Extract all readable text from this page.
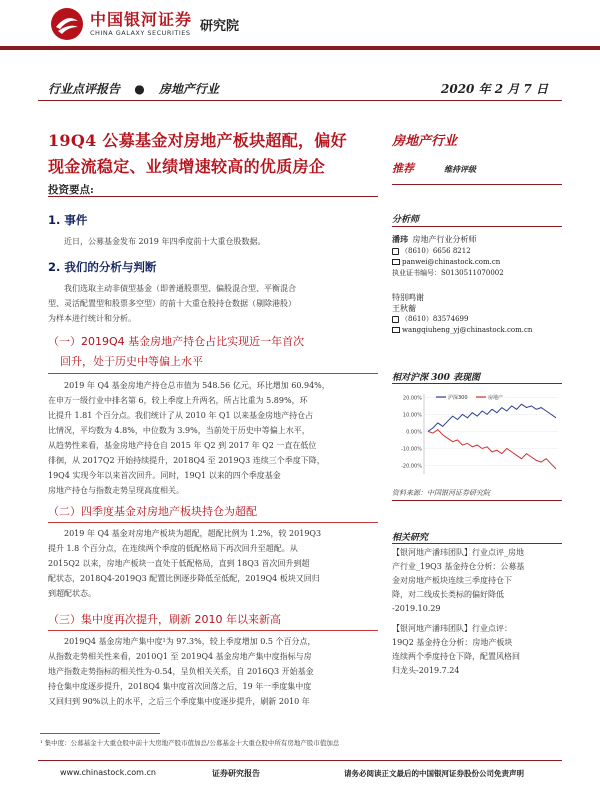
中国银河证券
CHINA GALAXY SECURITIES 研究院
行业点评报告 ● 房地产行业	2020 年 2 月 7 日
19Q4 公募基金对房地产板块超配，偏好
现金流稳定、业绩增速较高的优质房企
投资要点:
1. 事件
近日，公募基金发布 2019 年四季度前十大重仓股数据。
2. 我们的分析与判断
我们选取主动非债型基金（即普通股票型、偏股混合型、平衡混合
型、灵活配置型和股票多空型）的前十大重仓股持仓数据（剔除港股）
为样本进行统计和分析。
（一）2019Q4 基金房地产持仓占比实现近一年首次
回升，处于历史中等偏上水平
2019 年 Q4 基金房地产持仓总市值为 548.56 亿元，环比增加 60.94%，
在申万一级行业中排名第 6，较上季度上升两名，所占比重为 5.89%，环
比提升 1.81 个百分点。我们统计了从 2010 年 Q1 以来基金房地产持仓占
比情况，平均数为 4.8%，中位数为 3.9%，当前处于历史中等偏上水平，
从趋势性来看，基金房地产持仓自 2015 年 Q2 到 2017 年 Q2 一直在低位
徘徊，从 2017Q2 开始持续提升，2018Q4 至 2019Q3 连续三个季度下降，
19Q4 实现今年以来首次回升。同时，19Q1 以来的四个季度基金
房地产持仓与指数走势呈现高度相关。
（二）四季度基金对房地产板块持仓为超配
2019 年 Q4 基金对房地产板块为超配，超配比例为 1.2%，较 2019Q3
提升 1.8 个百分点，在连续两个季度的低配格局下再次回升至超配。从
2015Q2 以来，房地产板块一直处于低配格局，直到 18Q3 首次回升到超
配状态，2018Q4-2019Q3 配置比例逐步降低至低配，2019Q4 板块又回归
到超配状态。
（三）集中度再次提升，刷新 2010 年以来新高
2019Q4 基金房地产集中度¹为 97.3%，较上季度增加 0.5 个百分点，
从指数走势相关性来看，2010Q1 至 2019Q4 基金房地产集中度指标与房
地产指数走势指标的相关性为-0.54，呈负相关关系，自 2016Q3 开始基金
持仓集中度逐步提升，2018Q4 集中度首次回落之后，19 年一季度集中度
又回归到 90%以上的水平，之后三个季度集中度逐步提升，刷新 2010 年
房地产行业
推荐	维持评级
分析师
潘玮 房地产行业分析师
（8610）6656 8212
panwei@chinastock.com.cn
执业证书编号：S0130511070002
特别鸣谢
王秋蘅
（8610）83574699
wangqiuheng_yj@chinastock.com.cn
相对沪深 300 表现图
20.00%
10.00%
0.00%
-10.00%
-20.00%
沪深300	房地产
资料来源：中国银河证券研究院
相关研究
【银河地产潘玮团队】行业点评_房地
产行业_19Q3 基金持仓分析：公募基
金对房地产板块连续三季度持仓下
降，对二线成长类标的偏好降低
-2019.10.29
【银河地产潘玮团队】行业点评：
19Q2 基金持仓分析：房地产板块
连续两个季度持仓下降，配置风格回
归龙头-2019.7.24
¹ 集中度：公募基金十大重仓股中前十大房地产股市值加总/公募基金十大重仓股中所有房地产股市值加总
www.chinastock.com.cn	证券研究报告	请务必阅读正文最后的中国银河证券股份公司免责声明
